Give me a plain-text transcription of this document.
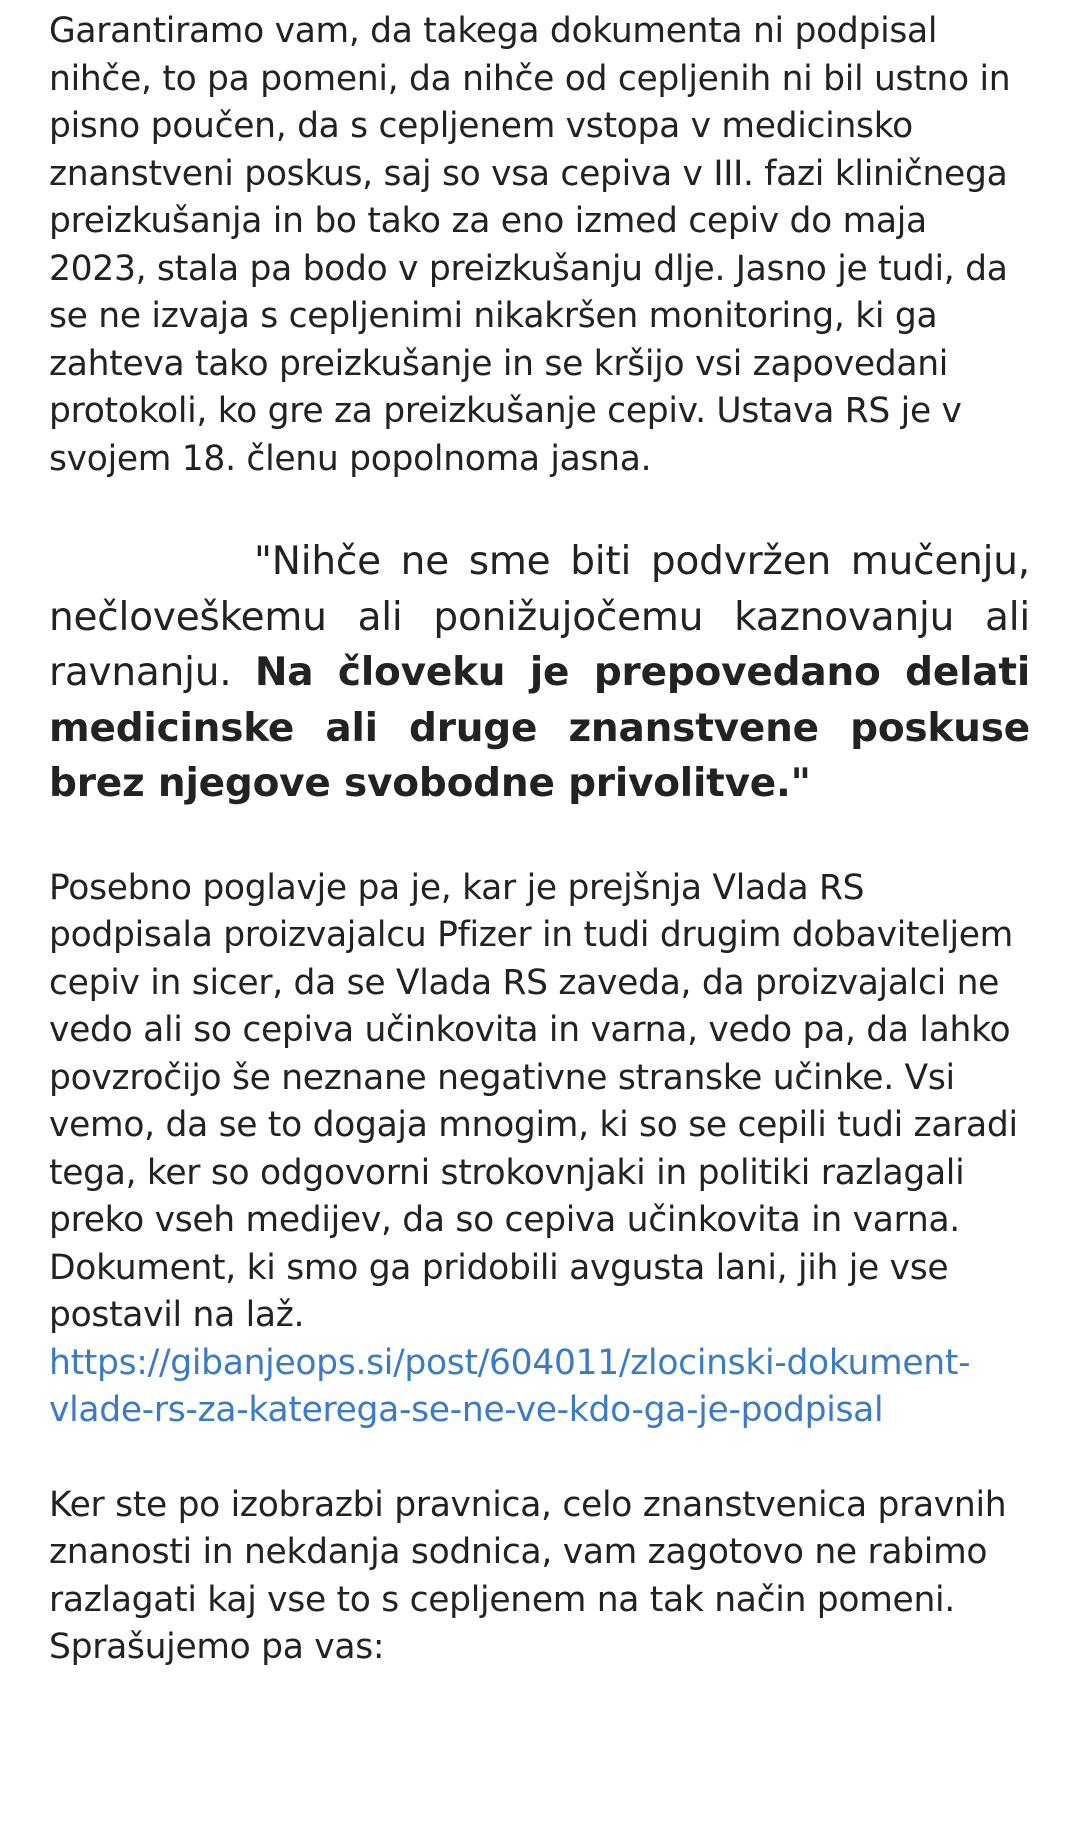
Garantiramo vam, da takega dokumenta ni podpisal nihče, to pa pomeni, da nihče od cepljenih ni bil ustno in pisno poučen, da s cepljenem vstopa v medicinsko znanstveni poskus, saj so vsa cepiva v III. fazi kliničnega preizkušanja in bo tako za eno izmed cepiv do maja 2023, stala pa bodo v preizkušanju dlje. Jasno je tudi, da se ne izvaja s cepljenimi nikakršen monitoring, ki ga zahteva tako preizkušanje in se kršijo vsi zapovedani protokoli, ko gre za preizkušanje cepiv. Ustava RS je v svojem 18. členu popolnoma jasna.

"Nihče ne sme biti podvržen mučenju, nečloveškemu ali ponižujočemu kaznovanju ali ravnanju. Na človeku je prepovedano delati medicinske ali druge znanstvene poskuse brez njegove svobodne privolitve."

Posebno poglavje pa je, kar je prejšnja Vlada RS podpisala proizvajalcu Pfizer in tudi drugim dobaviteljem cepiv in sicer, da se Vlada RS zaveda, da proizvajalci ne vedo ali so cepiva učinkovita in varna, vedo pa, da lahko povzročijo še neznane negativne stranske učinke. Vsi vemo, da se to dogaja mnogim, ki so se cepili tudi zaradi tega, ker so odgovorni strokovnjaki in politiki razlagali preko vseh medijev, da so cepiva učinkovita in varna. Dokument, ki smo ga pridobili avgusta lani, jih je vse postavil na laž. https://gibanjeops.si/post/604011/zlocinski-dokument-vlade-rs-za-katerega-se-ne-ve-kdo-ga-je-podpisal

Ker ste po izobrazbi pravnica, celo znanstvenica pravnih znanosti in nekdanja sodnica, vam zagotovo ne rabimo razlagati kaj vse to s cepljenem na tak način pomeni. Sprašujemo pa vas:
